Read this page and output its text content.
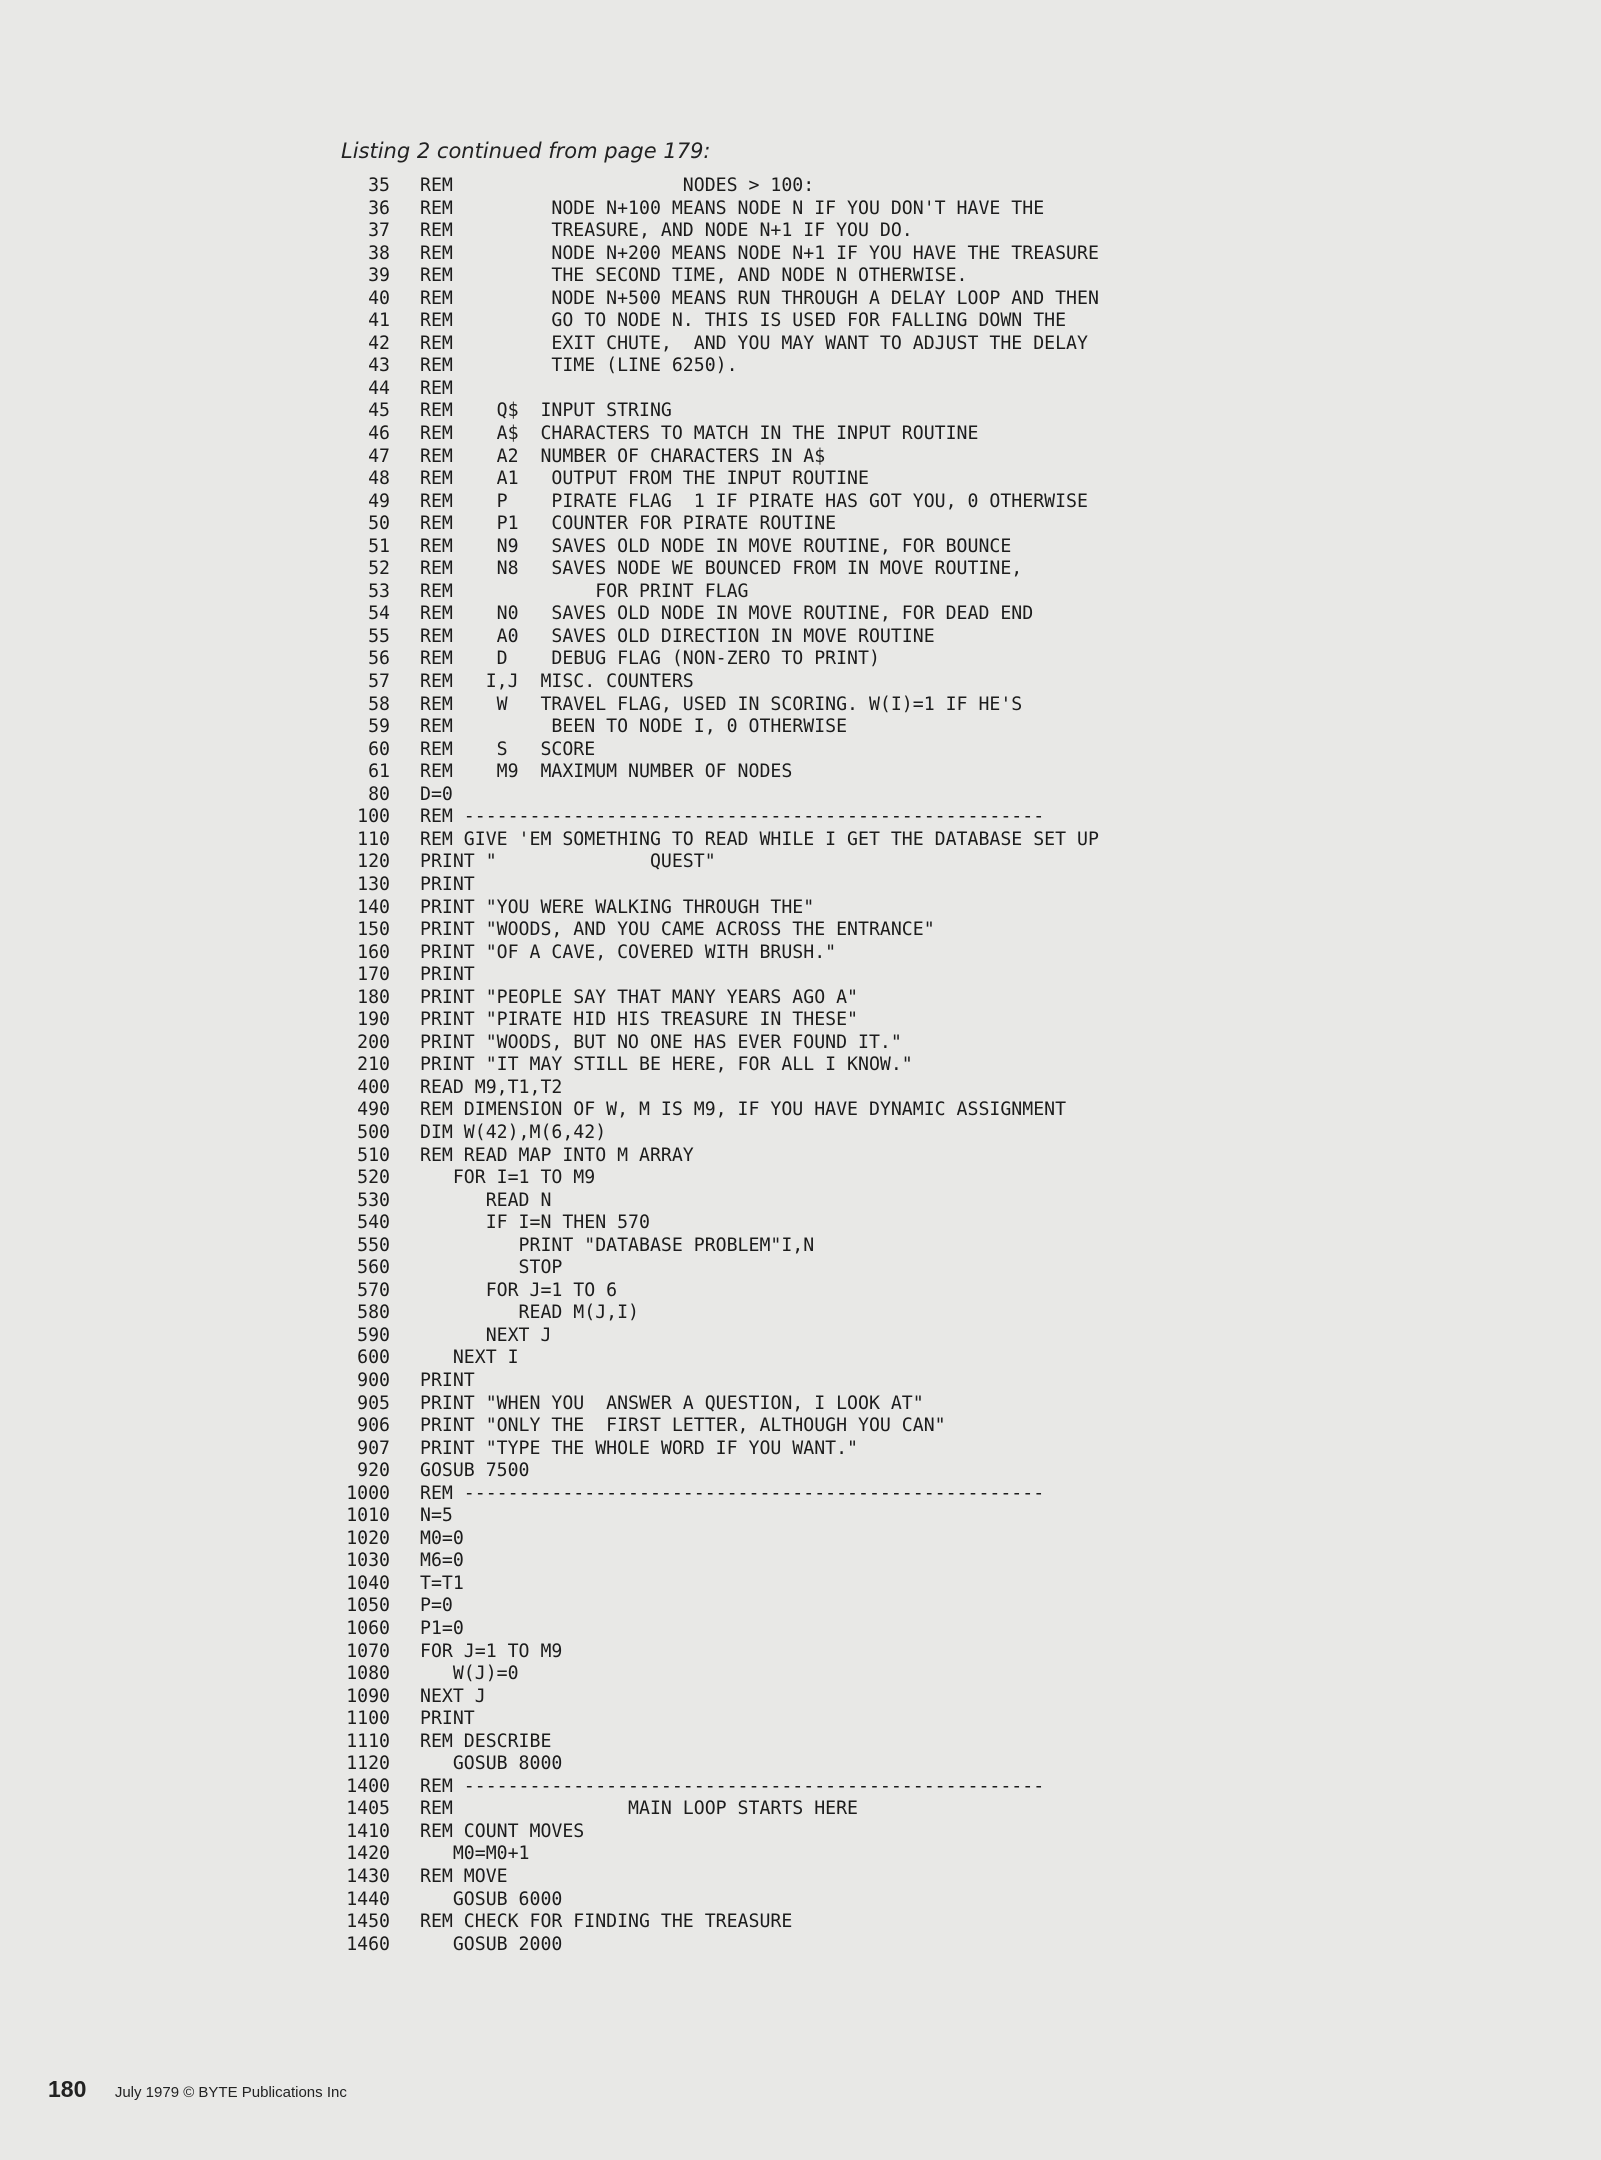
Listing 2 continued from page 179:
35 REM                     NODES > 100:
36 REM         NODE N+100 MEANS NODE N IF YOU DON'T HAVE THE
37 REM         TREASURE, AND NODE N+1 IF YOU DO.
38 REM         NODE N+200 MEANS NODE N+1 IF YOU HAVE THE TREASURE
39 REM         THE SECOND TIME, AND NODE N OTHERWISE.
40 REM         NODE N+500 MEANS RUN THROUGH A DELAY LOOP AND THEN
41 REM         GO TO NODE N. THIS IS USED FOR FALLING DOWN THE
42 REM         EXIT CHUTE,  AND YOU MAY WANT TO ADJUST THE DELAY
43 REM         TIME (LINE 6250).
44 REM
45 REM    Q$  INPUT STRING
46 REM    A$  CHARACTERS TO MATCH IN THE INPUT ROUTINE
47 REM    A2  NUMBER OF CHARACTERS IN A$
48 REM    A1   OUTPUT FROM THE INPUT ROUTINE
49 REM    P    PIRATE FLAG  1 IF PIRATE HAS GOT YOU, 0 OTHERWISE
50 REM    P1   COUNTER FOR PIRATE ROUTINE
51 REM    N9   SAVES OLD NODE IN MOVE ROUTINE, FOR BOUNCE
52 REM    N8   SAVES NODE WE BOUNCED FROM IN MOVE ROUTINE,
53 REM             FOR PRINT FLAG
54 REM    N0   SAVES OLD NODE IN MOVE ROUTINE, FOR DEAD END
55 REM    A0   SAVES OLD DIRECTION IN MOVE ROUTINE
56 REM    D    DEBUG FLAG (NON-ZERO TO PRINT)
57 REM   I,J  MISC. COUNTERS
58 REM    W   TRAVEL FLAG, USED IN SCORING. W(I)=1 IF HE'S
59 REM         BEEN TO NODE I, 0 OTHERWISE
60 REM    S   SCORE
61 REM    M9  MAXIMUM NUMBER OF NODES
80 D=0
100 REM -----------------------------------------------------
110 REM GIVE 'EM SOMETHING TO READ WHILE I GET THE DATABASE SET UP
120 PRINT "              QUEST"
130 PRINT
140 PRINT "YOU WERE WALKING THROUGH THE"
150 PRINT "WOODS, AND YOU CAME ACROSS THE ENTRANCE"
160 PRINT "OF A CAVE, COVERED WITH BRUSH."
170 PRINT
180 PRINT "PEOPLE SAY THAT MANY YEARS AGO A"
190 PRINT "PIRATE HID HIS TREASURE IN THESE"
200 PRINT "WOODS, BUT NO ONE HAS EVER FOUND IT."
210 PRINT "IT MAY STILL BE HERE, FOR ALL I KNOW."
400 READ M9,T1,T2
490 REM DIMENSION OF W, M IS M9, IF YOU HAVE DYNAMIC ASSIGNMENT
500 DIM W(42),M(6,42)
510 REM READ MAP INTO M ARRAY
520 FOR I=1 TO M9
530 READ N
540 IF I=N THEN 570
550 PRINT "DATABASE PROBLEM"I,N
560 STOP
570 FOR J=1 TO 6
580 READ M(J,I)
590 NEXT J
600 NEXT I
900 PRINT
905 PRINT "WHEN YOU  ANSWER A QUESTION, I LOOK AT"
906 PRINT "ONLY THE  FIRST LETTER, ALTHOUGH YOU CAN"
907 PRINT "TYPE THE WHOLE WORD IF YOU WANT."
920 GOSUB 7500
1000 REM -----------------------------------------------------
1010 N=5
1020 M0=0
1030 M6=0
1040 T=T1
1050 P=0
1060 P1=0
1070 FOR J=1 TO M9
1080 W(J)=0
1090 NEXT J
1100 PRINT
1110 REM DESCRIBE
1120 GOSUB 8000
1400 REM -----------------------------------------------------
1405 REM                MAIN LOOP STARTS HERE
1410 REM COUNT MOVES
1420 M0=M0+1
1430 REM MOVE
1440 GOSUB 6000
1450 REM CHECK FOR FINDING THE TREASURE
1460 GOSUB 2000
180 July 1979 © BYTE Publications Inc
